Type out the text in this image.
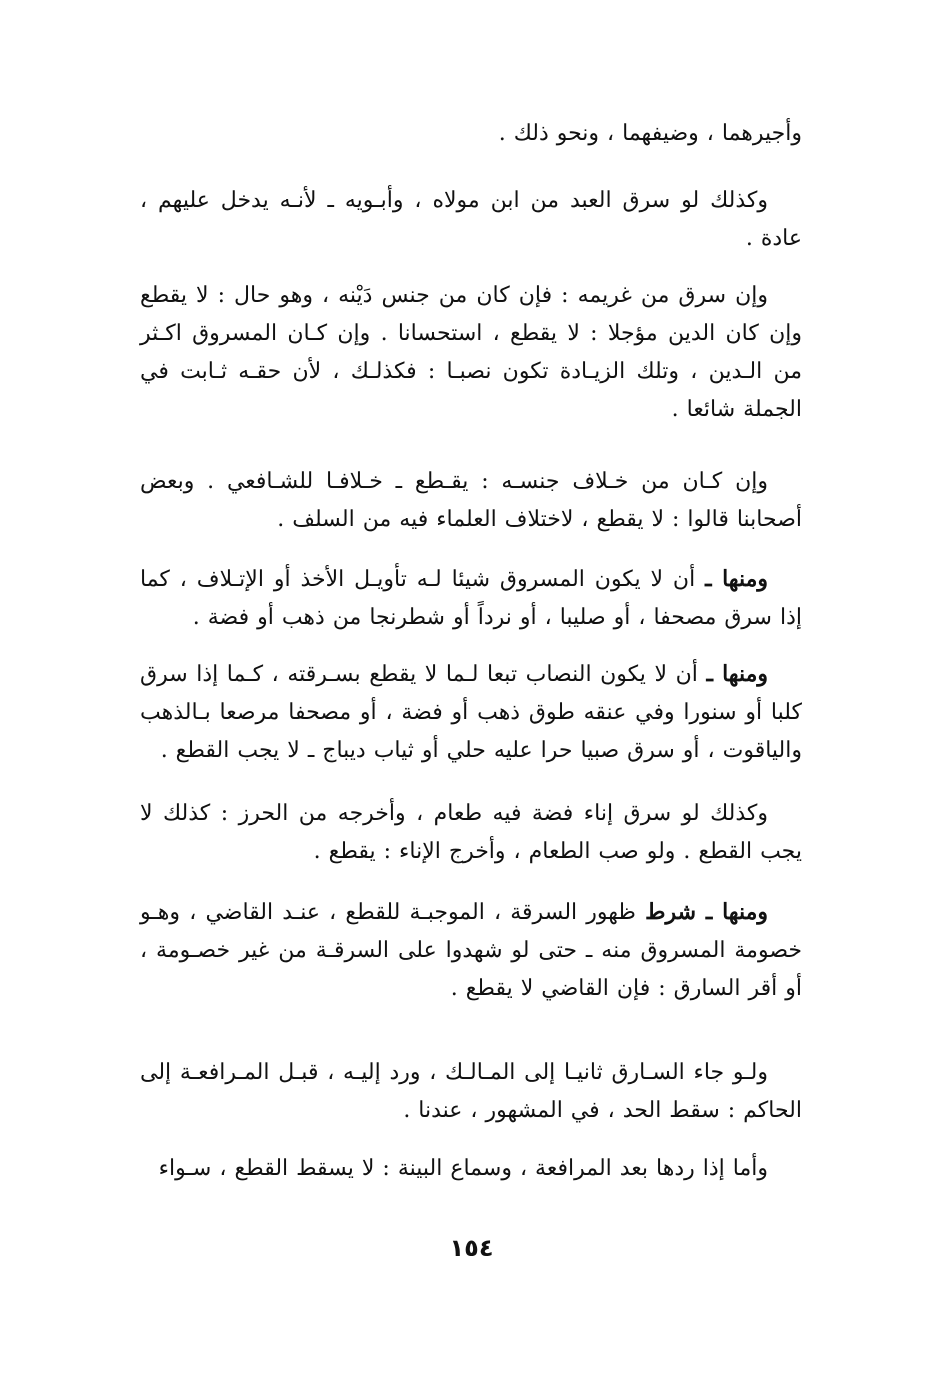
وأجيرهما ، وضيفهما ، ونحو ذلك .

وكذلك لو سرق العبد من ابن مولاه ، وأبـويه ـ لأنـه يدخل عليهم ، عادة .

وإن سرق من غريمه : فإن كان من جنس دَيْنه ، وهو حال : لا يقطع وإن كان الدين مؤجلا : لا يقطع ، استحسانا . وإن كـان المسروق اكـثر من الـدين ، وتلك الزيـادة تكون نصبـا : فكذلـك ، لأن حقـه ثـابت في الجملة شائعا .

وإن كـان من خـلاف جنسـه : يقـطع ـ خـلافـا للشـافعي . وبعض أصحابنا قالوا : لا يقطع ، لاختلاف العلماء فيه من السلف .

ومنها ـ أن لا يكون المسروق شيئا لـه تأويـل الأخذ أو الإتـلاف ، كما إذا سرق مصحفا ، أو صليبا ، أو نرداً أو شطرنجا من ذهب أو فضة .

ومنها ـ أن لا يكون النصاب تبعا لـما لا يقطع بسـرقته ، كـما إذا سرق كلبا أو سنورا وفي عنقه طوق ذهب أو فضة ، أو مصحفا مرصعا بـالذهب والياقوت ، أو سرق صبيا حرا عليه حلي أو ثياب ديباج ـ لا يجب القطع .

وكذلك لو سرق إناء فضة فيه طعام ، وأخرجه من الحرز : كذلك لا يجب القطع . ولو صب الطعام ، وأخرج الإناء : يقطع .

ومنها ـ شرط ظهور السرقة ، الموجبـة للقطع ، عنـد القاضي ، وهـو خصومة المسروق منه ـ حتى لو شهدوا على السرقـة من غير خصـومة ، أو أقر السارق : فإن القاضي لا يقطع .

ولـو جاء السـارق ثانيـا إلى المـالـك ، ورد إليـه ، قبـل المـرافعـة إلى الحاكم : سقط الحد ، في المشهور ، عندنا .

وأما إذا ردها بعد المرافعة ، وسماع البينة : لا يسقط القطع ، سـواء

١٥٤
